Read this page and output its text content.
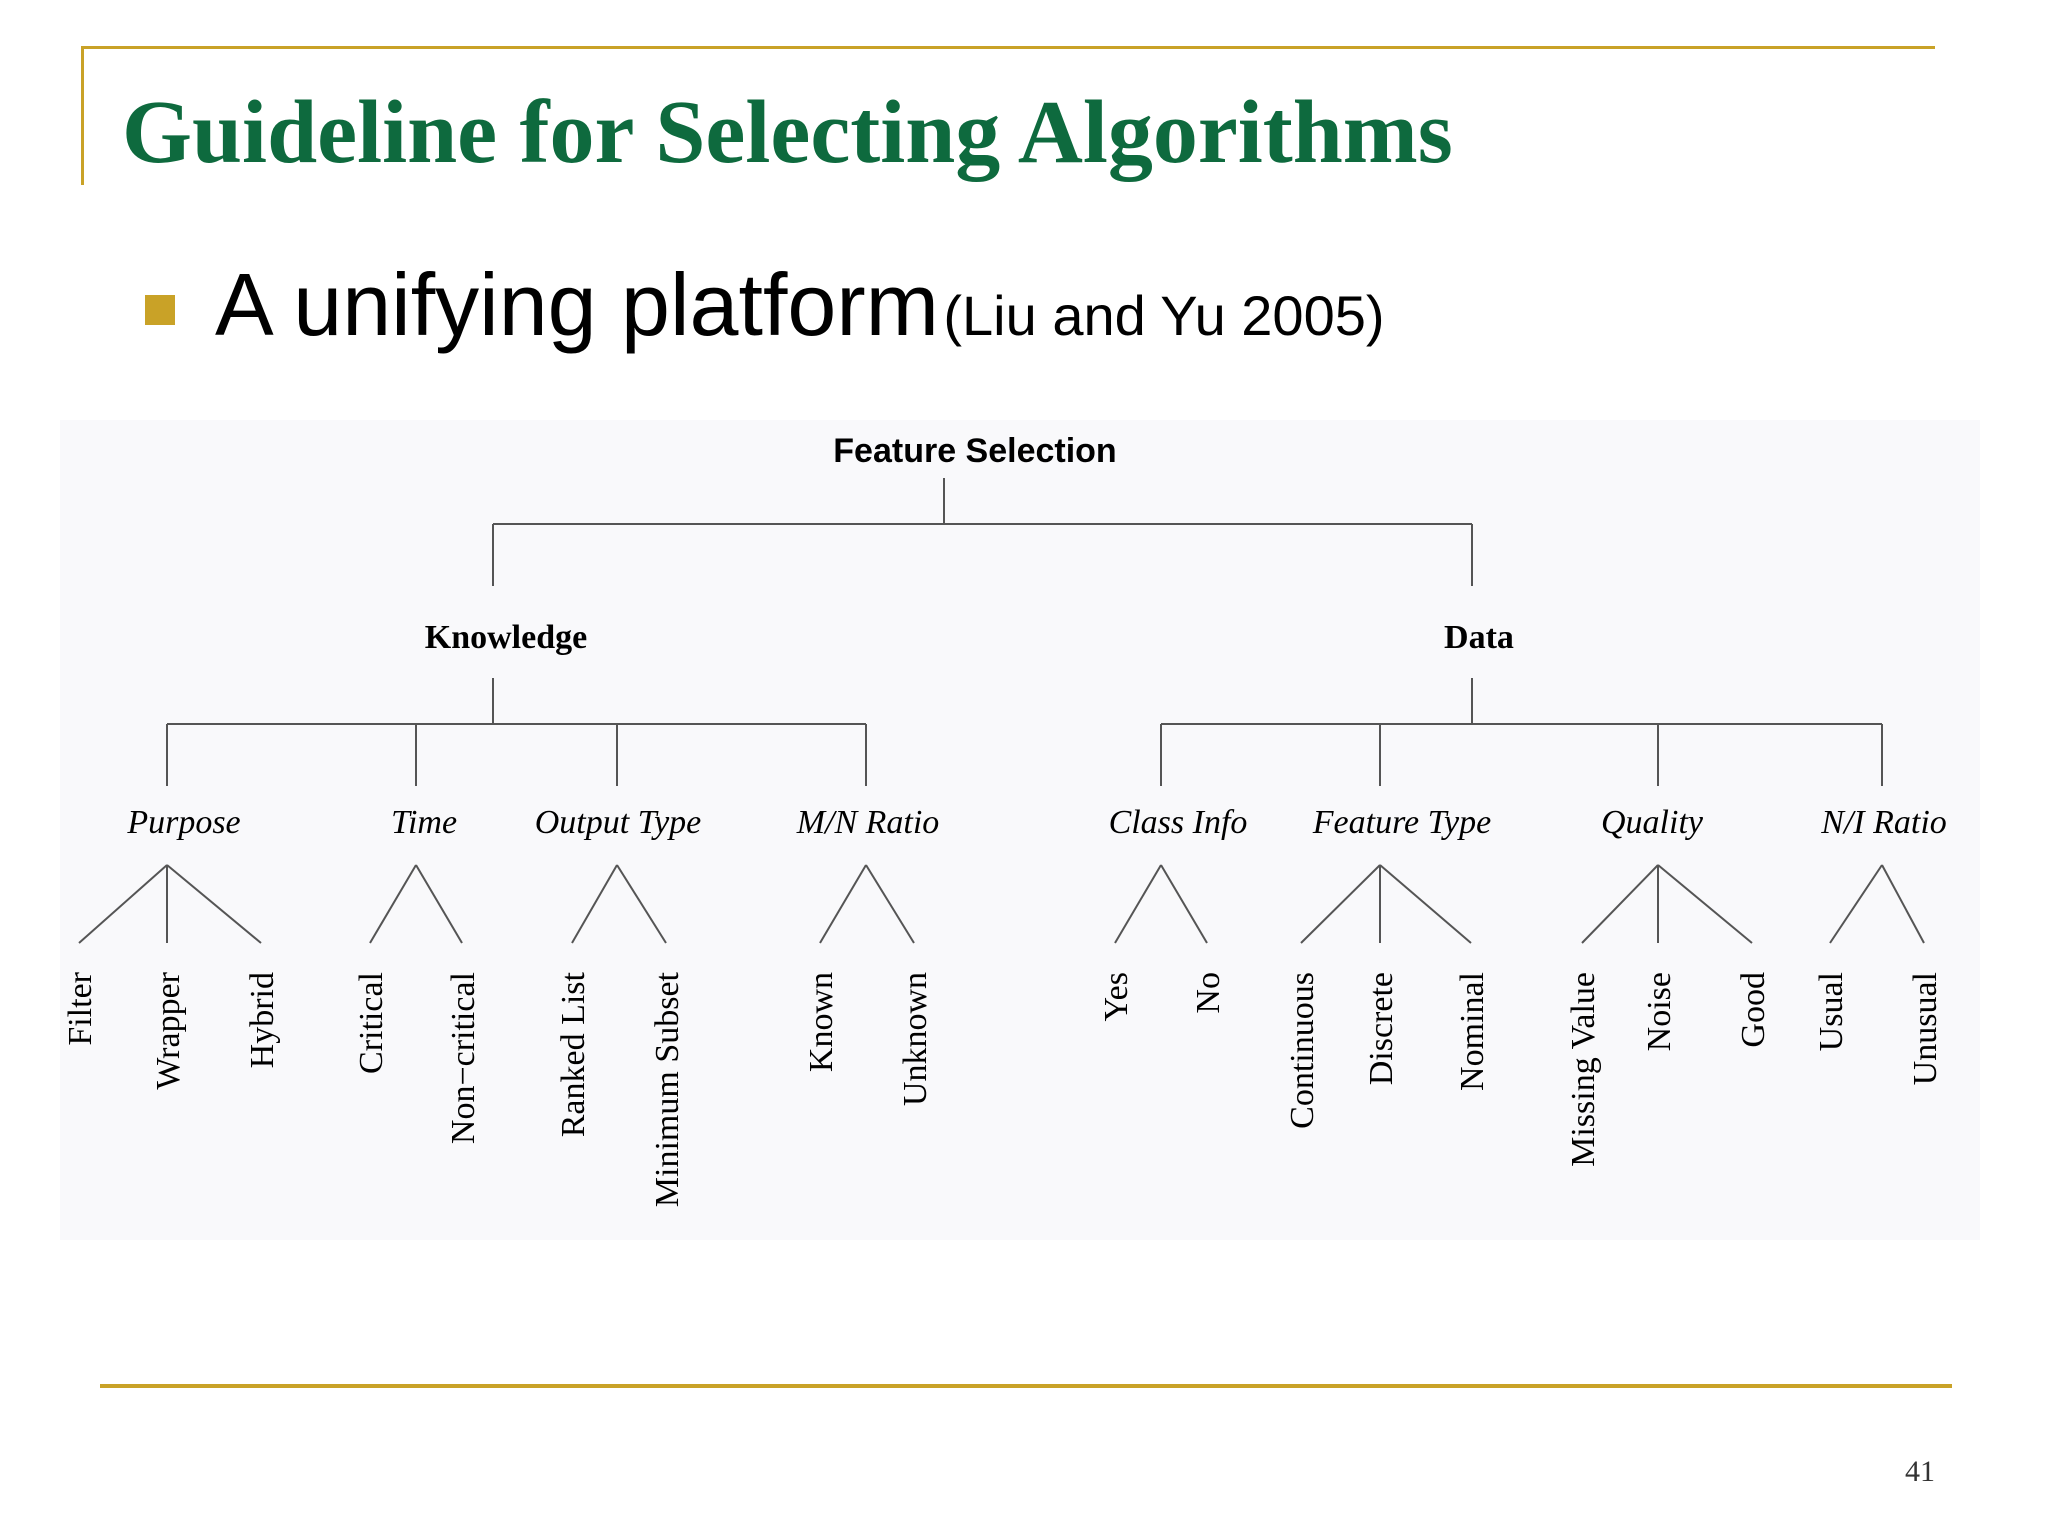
Guideline for Selecting Algorithms
A unifying platform (Liu and Yu 2005)
Feature Selection
Knowledge
Purpose
Filter Wrapper Hybrid
Time
Critical Non−critical
Output Type
Ranked List Minimum Subset
M/N Ratio
Known Unknown
Data
Class Info
Yes No
Feature Type
Continuous Discrete Nominal
Quality
Missing Value Noise Good
N/I Ratio
Usual Unusual
41
